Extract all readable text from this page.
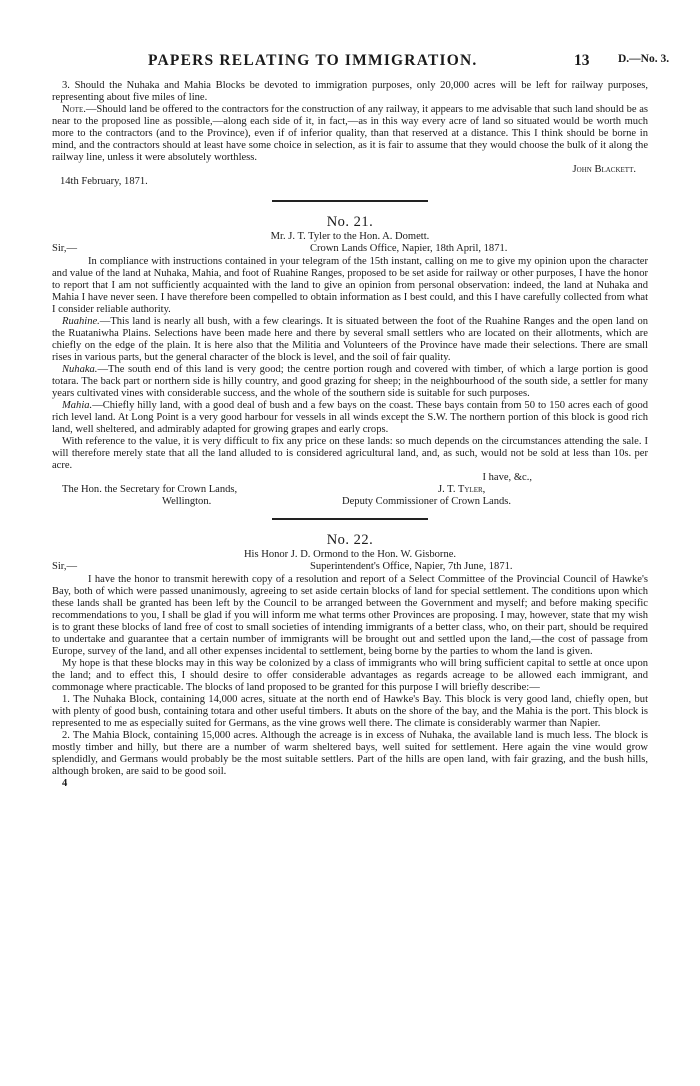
PAPERS RELATING TO IMMIGRATION.	13 D.—No. 3.

3. Should the Nuhaka and Mahia Blocks be devoted to immigration purposes, only 20,000 acres will be left for railway purposes, representing about five miles of line.

Note.—Should land be offered to the contractors for the construction of any railway, it appears to me advisable that such land should be as near to the proposed line as possible,—along each side of it, in fact,—as in this way every acre of land so situated would be worth much more to the contractors (and to the Province), even if of inferior quality, than that reserved at a distance. This I think should be borne in mind, and the contractors should at least have some choice in selection, as it is fair to assume that they would choose the bulk of it along the railway line, unless it were absolutely worthless.

John Blackett.

14th February, 1871.

No. 21.

Mr. J. T. Tyler to the Hon. A. Domett.

Sir,—	Crown Lands Office, Napier, 18th April, 1871.

In compliance with instructions contained in your telegram of the 15th instant, calling on me to give my opinion upon the character and value of the land at Nuhaka, Mahia, and foot of Ruahine Ranges, proposed to be set aside for railway or other purposes, I have the honor to report that I am not sufficiently acquainted with the land to give an opinion from personal observation: indeed, the land at Nuhaka and Mahia I have never seen. I have therefore been compelled to obtain information as I best could, and this I have carefully collected from what I consider reliable authority.

Ruahine.—This land is nearly all bush, with a few clearings. It is situated between the foot of the Ruahine Ranges and the open land on the Ruataniwha Plains. Selections have been made here and there by several small settlers who are located on their allotments, which are chiefly on the edge of the plain. It is here also that the Militia and Volunteers of the Province have made their selections. There are small rises in various parts, but the general character of the block is level, and the soil of fair quality.

Nuhaka.—The south end of this land is very good; the centre portion rough and covered with timber, of which a large portion is good totara. The back part or northern side is hilly country, and good grazing for sheep; in the neighbourhood of the south side, a settler for many years cultivated vines with considerable success, and the whole of the southern side is suitable for such purposes.

Mahia.—Chiefly hilly land, with a good deal of bush and a few bays on the coast. These bays contain from 50 to 150 acres each of good rich level land. At Long Point is a very good harbour for vessels in all winds except the S.W. The northern portion of this block is good rich land, well sheltered, and admirably adapted for growing grapes and early crops.

With reference to the value, it is very difficult to fix any price on these lands: so much depends on the circumstances attending the sale. I will therefore merely state that all the land alluded to is considered agricultural land, and, as such, would not be sold at less than 10s. per acre.

I have, &c.,

The Hon. the Secretary for Crown Lands,
Wellington.
J. T. Tyler,
Deputy Commissioner of Crown Lands.
No. 22.

His Honor J. D. Ormond to the Hon. W. Gisborne.

Sir,—	Superintendent's Office, Napier, 7th June, 1871.

I have the honor to transmit herewith copy of a resolution and report of a Select Committee of the Provincial Council of Hawke's Bay, both of which were passed unanimously, agreeing to set aside certain blocks of land for special settlement. The conditions upon which these lands shall be granted has been left by the Council to be arranged between the Government and myself; and before making specific recommendations to you, I shall be glad if you will inform me what terms other Provinces are proposing. I may, however, state that my wish is to grant these blocks of land free of cost to small societies of intending immigrants of a better class, who, on their part, should be required to undertake and guarantee that a certain number of immigrants will be brought out and settled upon the land,—the cost of passage from Europe, survey of the land, and all other expenses incidental to settlement, being borne by the parties to whom the land is given.

My hope is that these blocks may in this way be colonized by a class of immigrants who will bring sufficient capital to settle at once upon the land; and to effect this, I should desire to offer considerable advantages as regards acreage to be allowed each immigrant, and commonage where practicable. The blocks of land proposed to be granted for this purpose I will briefly describe:—

1. The Nuhaka Block, containing 14,000 acres, situate at the north end of Hawke's Bay. This block is very good land, chiefly open, but with plenty of good bush, containing totara and other useful timbers. It abuts on the shore of the bay, and the Mahia is the port. This block is represented to me as especially suited for Germans, as the vine grows well there. The climate is considerably warmer than Napier.

2. The Mahia Block, containing 15,000 acres. Although the acreage is in excess of Nuhaka, the available land is much less. The block is mostly timber and hilly, but there are a number of warm sheltered bays, well suited for settlement. Here again the vine would grow splendidly, and Germans would probably be the most suitable settlers. Part of the hills are open land, with fair grazing, and the bush hills, although broken, are said to be good soil.

4
